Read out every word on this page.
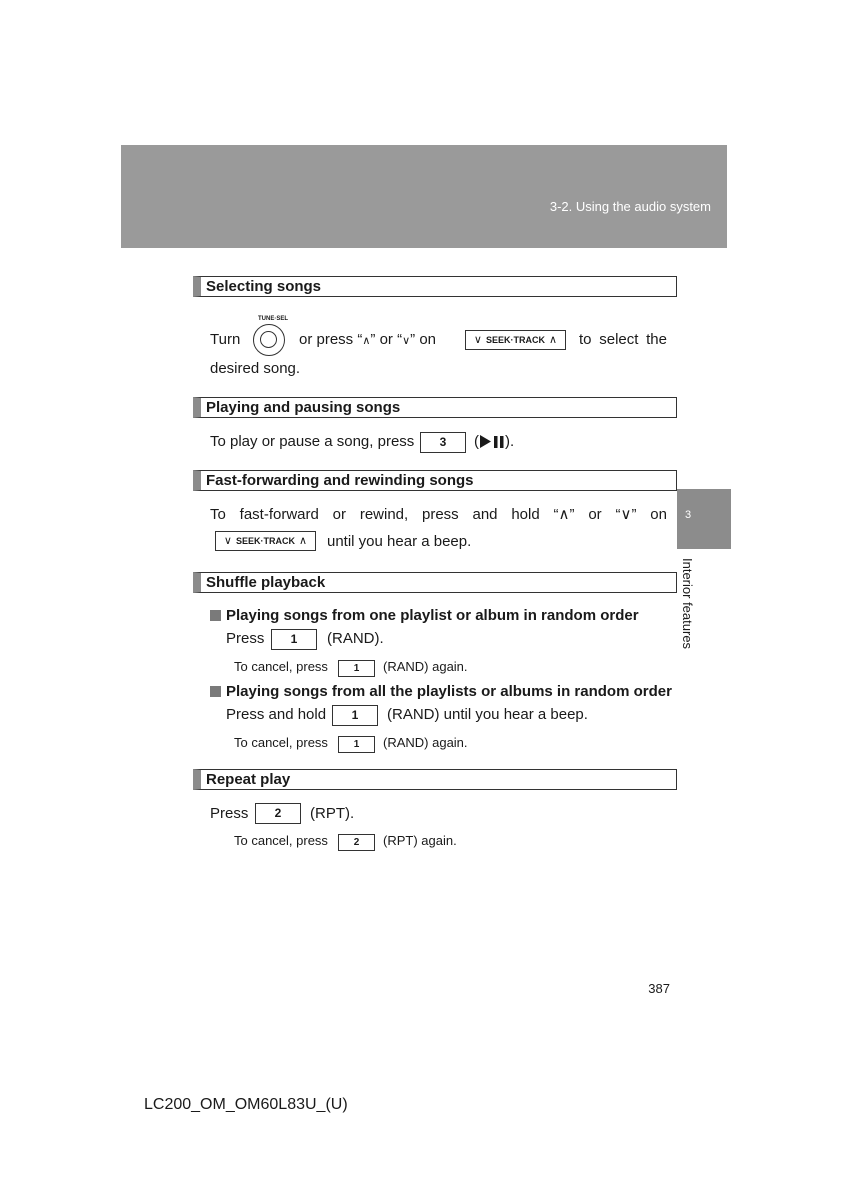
3-2. Using the audio system
3
Interior features
Selecting songs
TUNE·SEL
Turn	or press “∧” or “∨” on	∨ SEEK·TRACK ∧	to select the
desired song.
Playing and pausing songs
To play or pause a song, press	3	( ).
Fast-forwarding and rewinding songs
To fast-forward or rewind, press and hold “∧” or “∨” on
∨ SEEK·TRACK ∧	until you hear a beep.
Shuffle playback
Playing songs from one playlist or album in random order
Press	1	(RAND).
To cancel, press	1	(RAND) again.
Playing songs from all the playlists or albums in random order
Press and hold	1	(RAND) until you hear a beep.
To cancel, press	1	(RAND) again.
Repeat play
Press	2	(RPT).
To cancel, press	2	(RPT) again.
387
LC200_OM_OM60L83U_(U)
